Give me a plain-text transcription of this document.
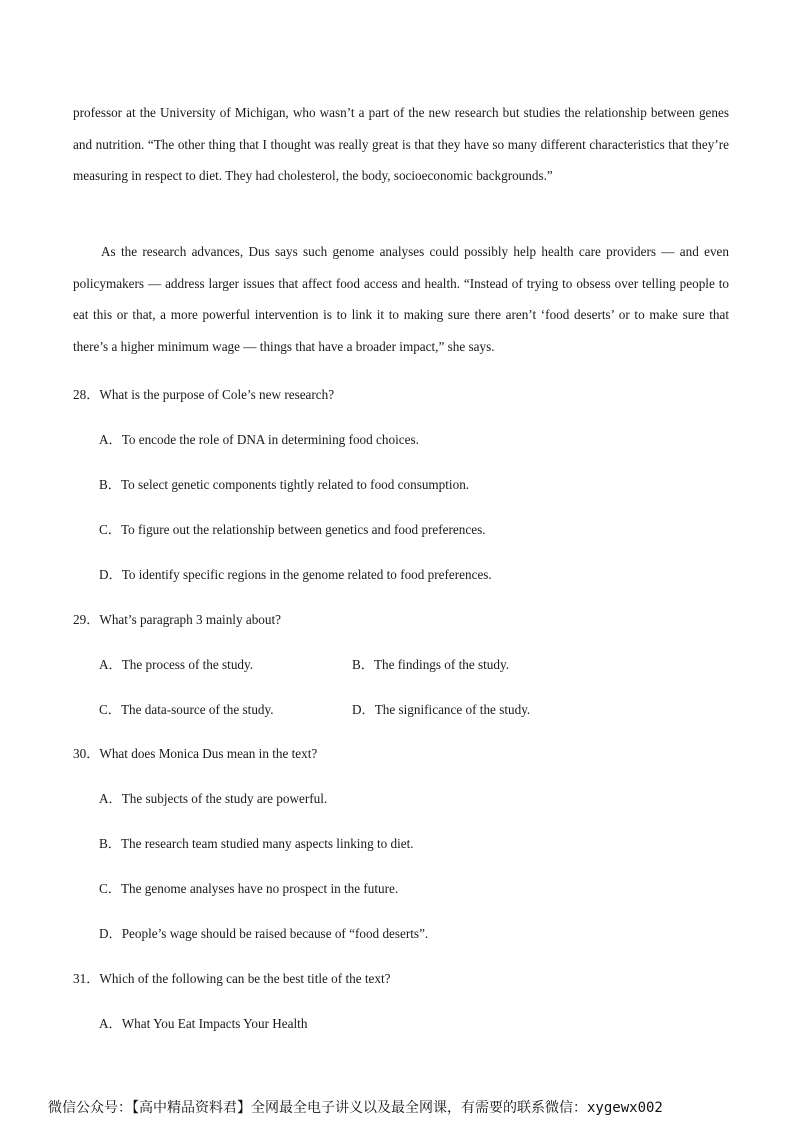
professor at the University of Michigan, who wasn’t a part of the new research but studies the relationship between genes and nutrition. “The other thing that I thought was really great is that they have so many different characteristics that they’re measuring in respect to diet. They had cholesterol, the body, socioeconomic backgrounds.”

As the research advances, Dus says such genome analyses could possibly help health care providers — and even policymakers — address larger issues that affect food access and health. “Instead of trying to obsess over telling people to eat this or that, a more powerful intervention is to link it to making sure there aren’t ‘food deserts’ or to make sure that there’s a higher minimum wage — things that have a broader impact,” she says.

28．What is the purpose of Cole’s new research?
A．To encode the role of DNA in determining food choices.
B．To select genetic components tightly related to food consumption.
C．To figure out the relationship between genetics and food preferences.
D．To identify specific regions in the genome related to food preferences.
29．What’s paragraph 3 mainly about?
A．The process of the study.	B．The findings of the study.
C．The data-source of the study.	D．The significance of the study.
30．What does Monica Dus mean in the text?
A．The subjects of the study are powerful.
B．The research team studied many aspects linking to diet.
C．The genome analyses have no prospect in the future.
D．People’s wage should be raised because of “food deserts”.
31．Which of the following can be the best title of the text?
A．What You Eat Impacts Your Health
微信公众号：【高中精品资料君】全网最全电子讲义以及最全网课，有需要的联系微信：xygewx002
